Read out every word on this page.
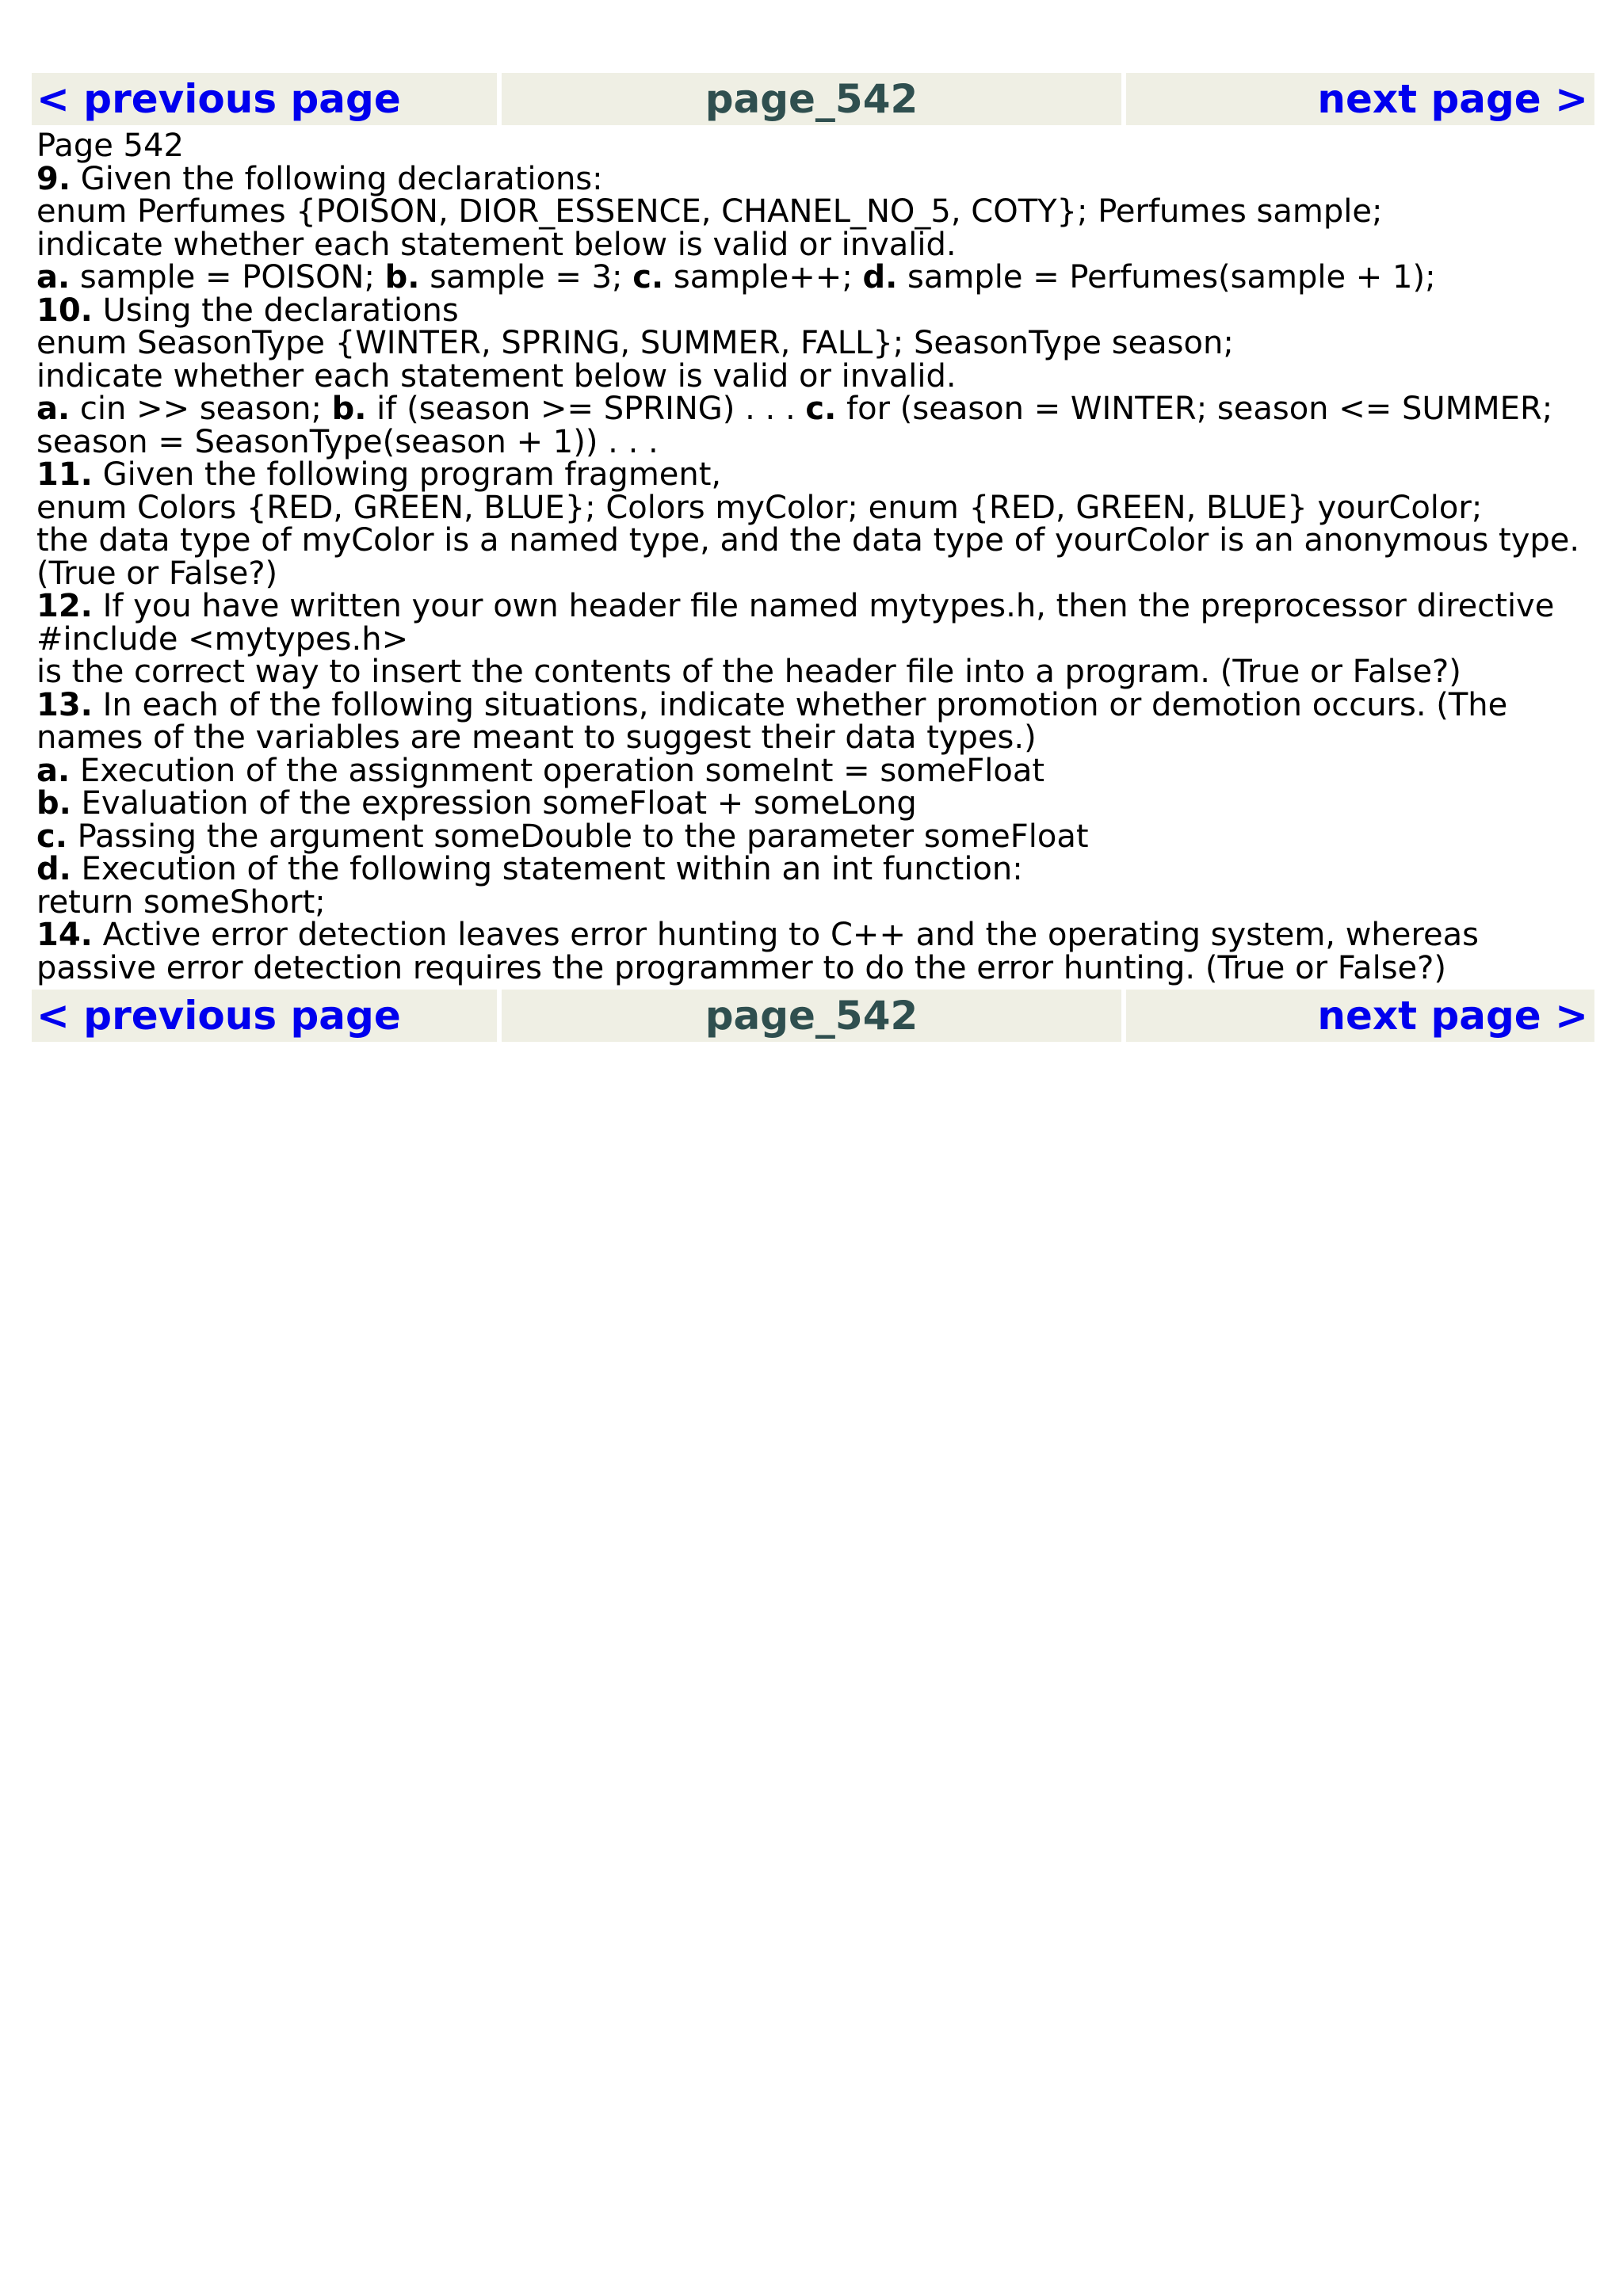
< previous page	page_542	next page >

Page 542

9. Given the following declarations:

enum Perfumes {POISON, DIOR_ESSENCE, CHANEL_NO_5, COTY}; Perfumes sample;

indicate whether each statement below is valid or invalid.

a. sample = POISON; b. sample = 3; c. sample++; d. sample = Perfumes(sample + 1);

10. Using the declarations

enum SeasonType {WINTER, SPRING, SUMMER, FALL}; SeasonType season;

indicate whether each statement below is valid or invalid.

a. cin >> season; b. if (season >= SPRING) . . . c. for (season = WINTER; season <= SUMMER; season = SeasonType(season + 1)) . . .

11. Given the following program fragment,

enum Colors {RED, GREEN, BLUE}; Colors myColor; enum {RED, GREEN, BLUE} yourColor;

the data type of myColor is a named type, and the data type of yourColor is an anonymous type. (True or False?)

12. If you have written your own header file named mytypes.h, then the preprocessor directive

#include <mytypes.h>

is the correct way to insert the contents of the header file into a program. (True or False?)

13. In each of the following situations, indicate whether promotion or demotion occurs. (The names of the variables are meant to suggest their data types.)

a. Execution of the assignment operation someInt = someFloat

b. Evaluation of the expression someFloat + someLong

c. Passing the argument someDouble to the parameter someFloat

d. Execution of the following statement within an int function:

return someShort;

14. Active error detection leaves error hunting to C++ and the operating system, whereas passive error detection requires the programmer to do the error hunting. (True or False?)

< previous page	page_542	next page >
